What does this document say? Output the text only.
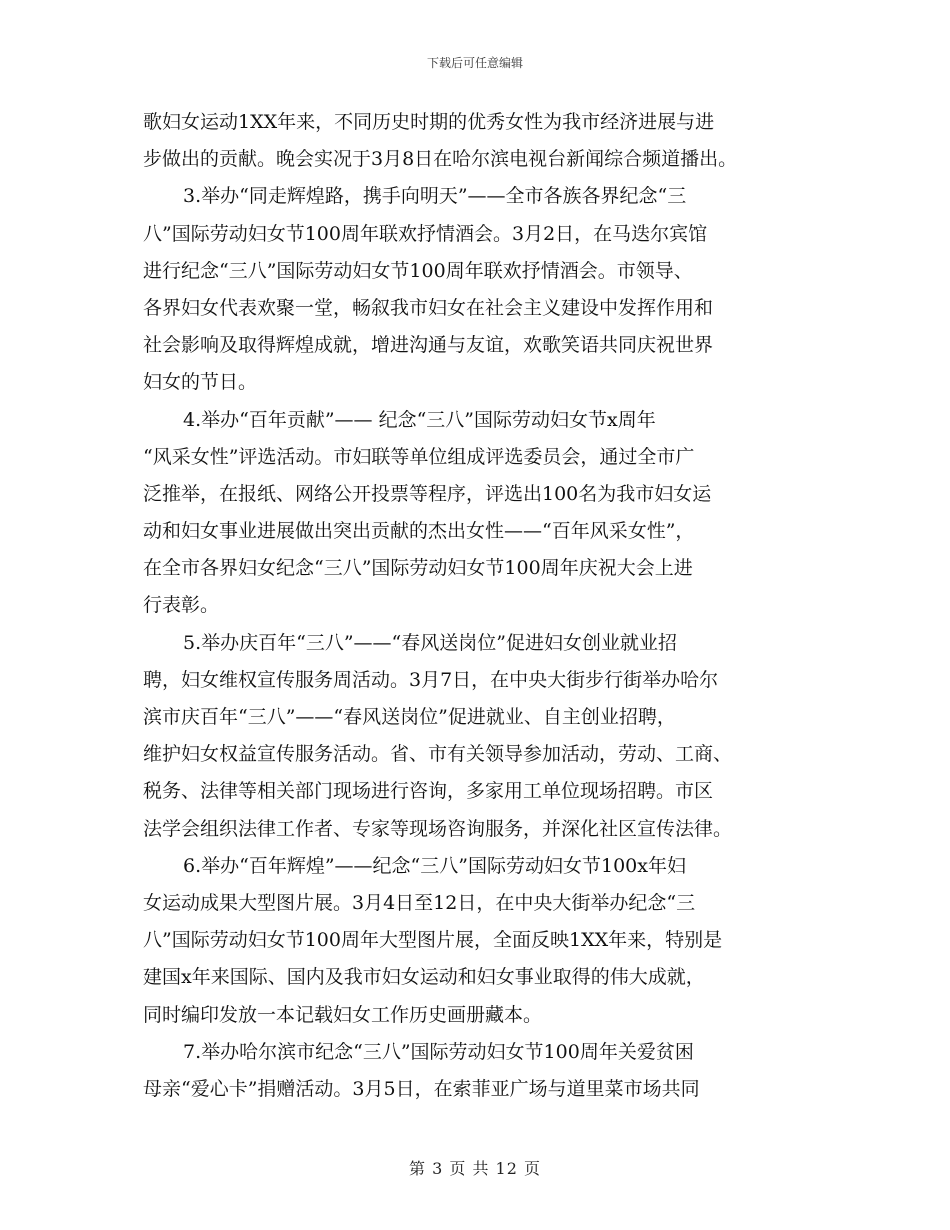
下载后可任意编辑
歌妇女运动1XX年来，不同历史时期的优秀女性为我市经济进展与进
步做出的贡献。晚会实况于3月8日在哈尔滨电视台新闻综合频道播出。
3.举办“同走辉煌路，携手向明天”——全市各族各界纪念“三
八”国际劳动妇女节100周年联欢抒情酒会。3月2日，在马迭尔宾馆
进行纪念“三八”国际劳动妇女节100周年联欢抒情酒会。市领导、
各界妇女代表欢聚一堂，畅叙我市妇女在社会主义建设中发挥作用和
社会影响及取得辉煌成就，增进沟通与友谊，欢歌笑语共同庆祝世界
妇女的节日。
4.举办“百年贡献”—— 纪念“三八”国际劳动妇女节x周年
“风采女性”评选活动。市妇联等单位组成评选委员会，通过全市广
泛推举，在报纸、网络公开投票等程序，评选出100名为我市妇女运
动和妇女事业进展做出突出贡献的杰出女性——“百年风采女性”，
在全市各界妇女纪念“三八”国际劳动妇女节100周年庆祝大会上进
行表彰。
5.举办庆百年“三八”——“春风送岗位”促进妇女创业就业招
聘，妇女维权宣传服务周活动。3月7日，在中央大街步行街举办哈尔
滨市庆百年“三八”——“春风送岗位”促进就业、自主创业招聘，
维护妇女权益宣传服务活动。省、市有关领导参加活动，劳动、工商、
税务、法律等相关部门现场进行咨询，多家用工单位现场招聘。市区
法学会组织法律工作者、专家等现场咨询服务，并深化社区宣传法律。
6.举办“百年辉煌”——纪念“三八”国际劳动妇女节100x年妇
女运动成果大型图片展。3月4日至12日，在中央大街举办纪念“三
八”国际劳动妇女节100周年大型图片展，全面反映1XX年来，特别是
建国x年来国际、国内及我市妇女运动和妇女事业取得的伟大成就，
同时编印发放一本记载妇女工作历史画册藏本。
7.举办哈尔滨市纪念“三八”国际劳动妇女节100周年关爱贫困
母亲“爱心卡”捐赠活动。3月5日，在索菲亚广场与道里菜市场共同
第 3 页 共 12 页
